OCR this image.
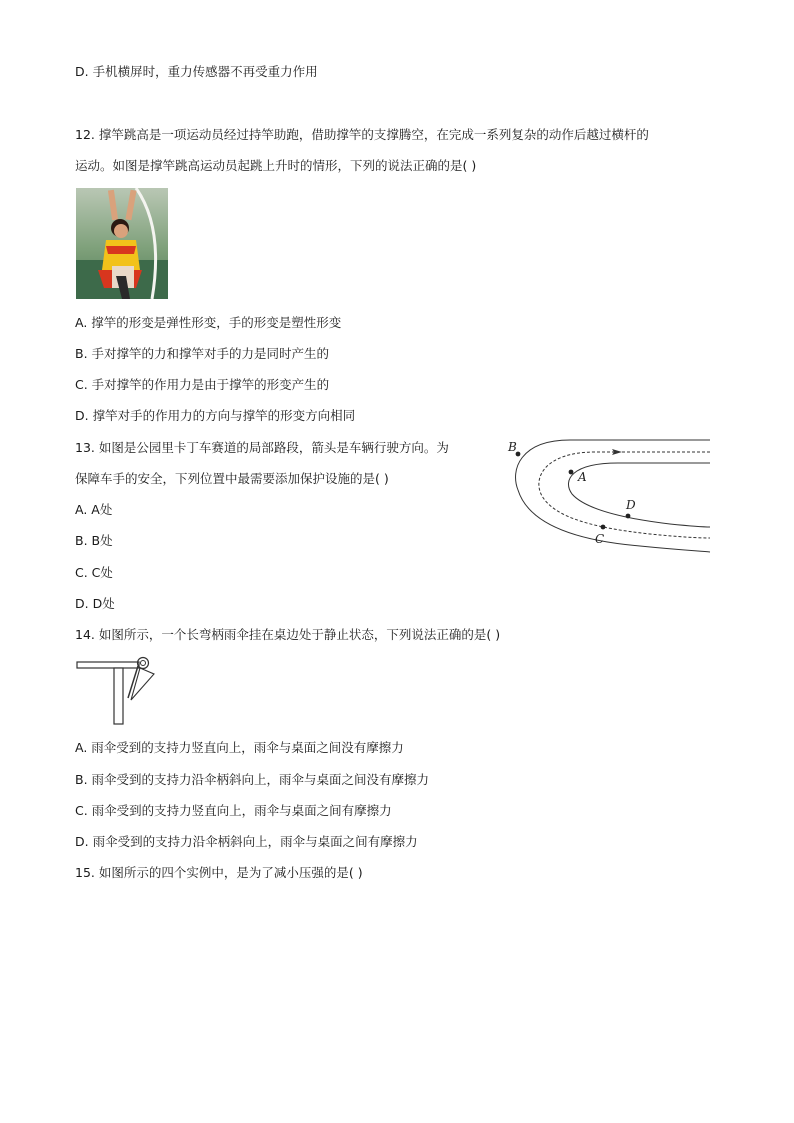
D. 手机横屏时，重力传感器不再受重力作用
12. 撑竿跳高是一项运动员经过持竿助跑，借助撑竿的支撑腾空，在完成一系列复杂的动作后越过横杆的
运动。如图是撑竿跳高运动员起跳上升时的情形，下列的说法正确的是( )
A. 撑竿的形变是弹性形变，手的形变是塑性形变
B. 手对撑竿的力和撑竿对手的力是同时产生的
C. 手对撑竿的作用力是由于撑竿的形变产生的
D. 撑竿对手的作用力的方向与撑竿的形变方向相同
13. 如图是公园里卡丁车赛道的局部路段，箭头是车辆行驶方向。为
保障车手的安全，下列位置中最需要添加保护设施的是( )
A. A处
B. B处
C. C处
D. D处
B
A
D
C
14. 如图所示，一个长弯柄雨伞挂在桌边处于静止状态，下列说法正确的是( )
A. 雨伞受到的支持力竖直向上，雨伞与桌面之间没有摩擦力
B. 雨伞受到的支持力沿伞柄斜向上，雨伞与桌面之间没有摩擦力
C. 雨伞受到的支持力竖直向上，雨伞与桌面之间有摩擦力
D. 雨伞受到的支持力沿伞柄斜向上，雨伞与桌面之间有摩擦力
15. 如图所示的四个实例中，是为了减小压强的是( )
